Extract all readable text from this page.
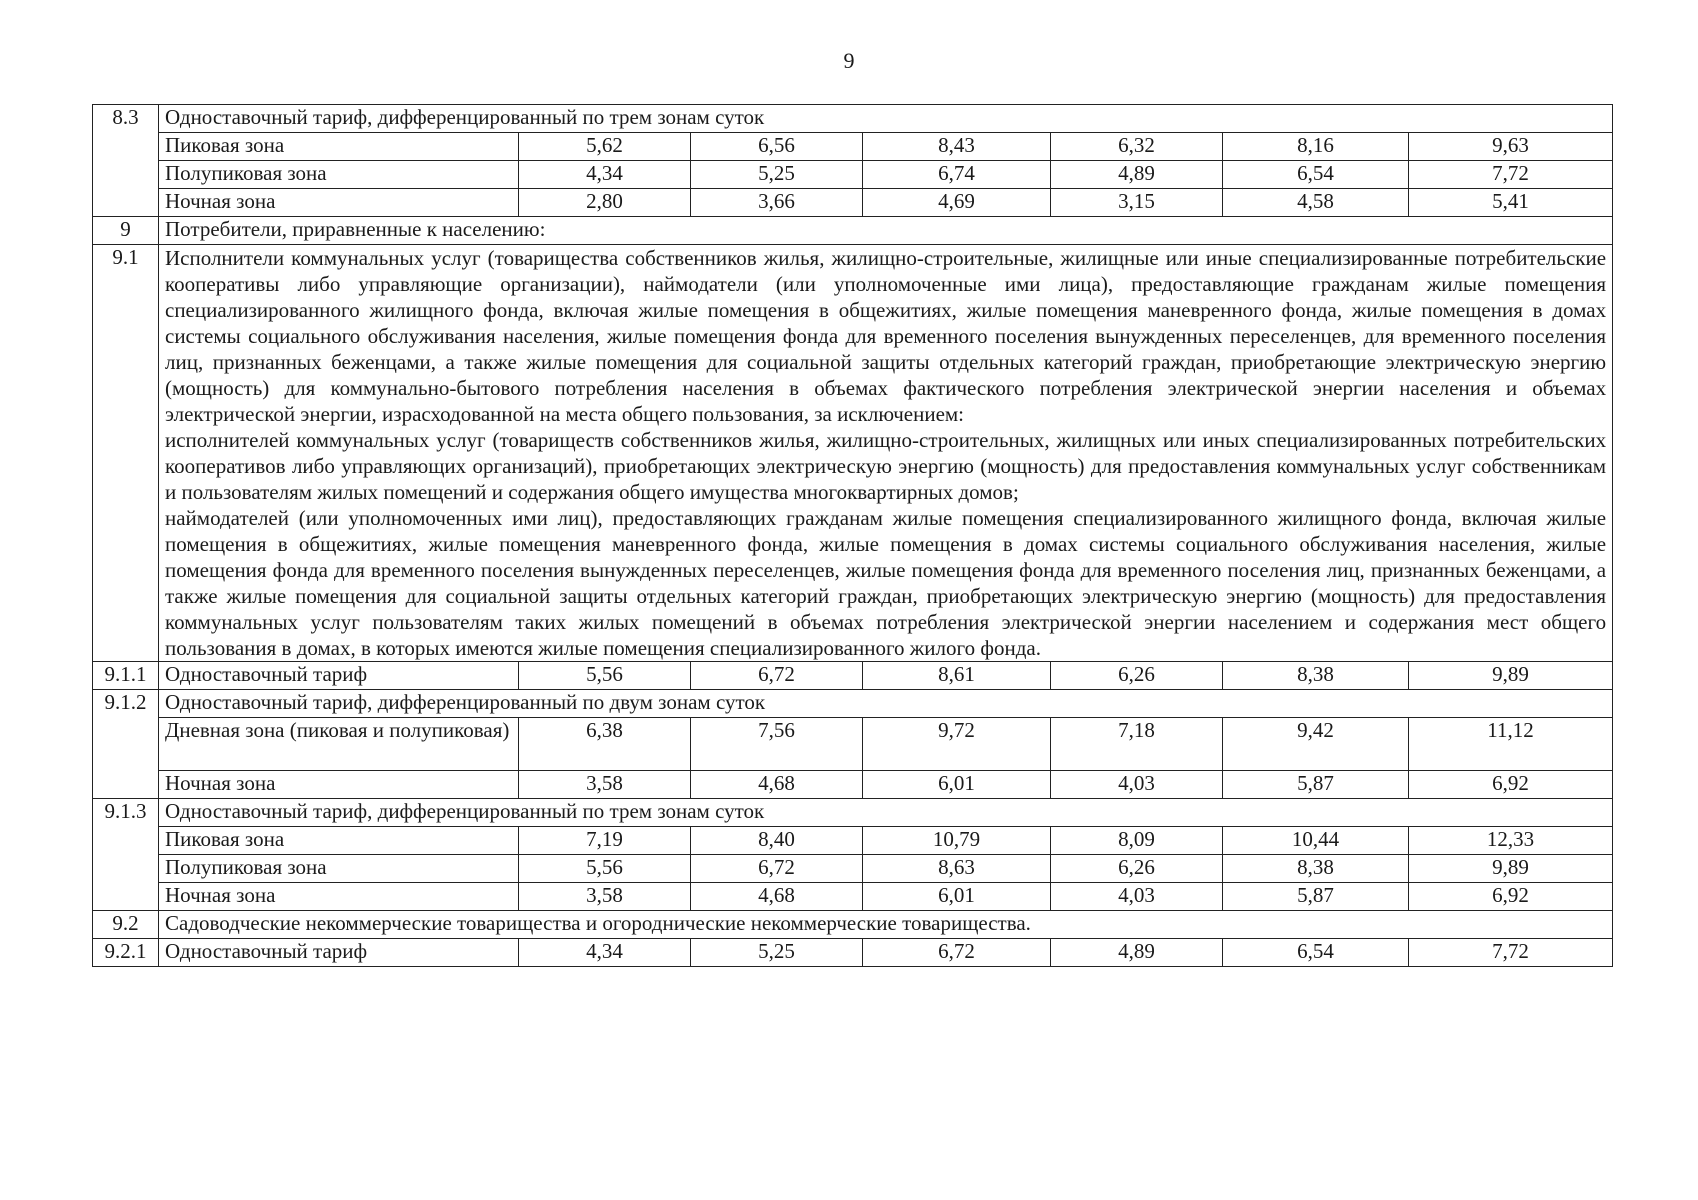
9
8.3	Одноставочный тариф, дифференцированный по трем зонам суток						
	Пиковая зона	5,62	6,56	8,43	6,32	8,16	9,63
	Полупиковая зона	4,34	5,25	6,74	4,89	6,54	7,72
	Ночная зона	2,80	3,66	4,69	3,15	4,58	5,41
9	Потребители, приравненные к населению:						
9.1	Исполнители коммунальных услуг (товарищества собственников жилья, жилищно-строительные, жилищные или иные специализированные потребительские кооперативы либо управляющие организации), наймодатели (или уполномоченные ими лица), предоставляющие гражданам жилые помещения специализированного жилищного фонда, включая жилые помещения в общежитиях, жилые помещения маневренного фонда, жилые помещения в домах системы социального обслуживания населения, жилые помещения фонда для временного поселения вынужденных переселенцев, для временного поселения лиц, признанных беженцами, а также жилые помещения для социальной защиты отдельных категорий граждан, приобретающие электрическую энергию (мощность) для коммунально-бытового потребления населения в объемах фактического потребления электрической энергии населения и объемах электрической энергии, израсходованной на места общего пользования, за исключением:

исполнителей коммунальных услуг (товариществ собственников жилья, жилищно-строительных, жилищных или иных специализированных потребительских кооперативов либо управляющих организаций), приобретающих электрическую энергию (мощность) для предоставления коммунальных услуг собственникам и пользователям жилых помещений и содержания общего имущества многоквартирных домов;

наймодателей (или уполномоченных ими лиц), предоставляющих гражданам жилые помещения специализированного жилищного фонда, включая жилые помещения в общежитиях, жилые помещения маневренного фонда, жилые помещения в домах системы социального обслуживания населения, жилые помещения фонда для временного поселения вынужденных переселенцев, жилые помещения фонда для временного поселения лиц, признанных беженцами, а также жилые помещения для социальной защиты отдельных категорий граждан, приобретающих электрическую энергию (мощность) для предоставления коммунальных услуг пользователям таких жилых помещений в объемах потребления электрической энергии населением и содержания мест общего пользования в домах, в которых имеются жилые помещения специализированного жилого фонда.						

9.1.1	Одноставочный тариф	5,56	6,72	8,61	6,26	8,38	9,89
9.1.2	Одноставочный тариф, дифференцированный по двум зонам суток						
	Дневная зона (пиковая и полупиковая)	6,38	7,56	9,72	7,18	9,42	11,12
	Ночная зона	3,58	4,68	6,01	4,03	5,87	6,92
9.1.3	Одноставочный тариф, дифференцированный по трем зонам суток						
	Пиковая зона	7,19	8,40	10,79	8,09	10,44	12,33
	Полупиковая зона	5,56	6,72	8,63	6,26	8,38	9,89
	Ночная зона	3,58	4,68	6,01	4,03	5,87	6,92
9.2	Садоводческие некоммерческие товарищества и огороднические некоммерческие товарищества.						
9.2.1	Одноставочный тариф	4,34	5,25	6,72	4,89	6,54	7,72
